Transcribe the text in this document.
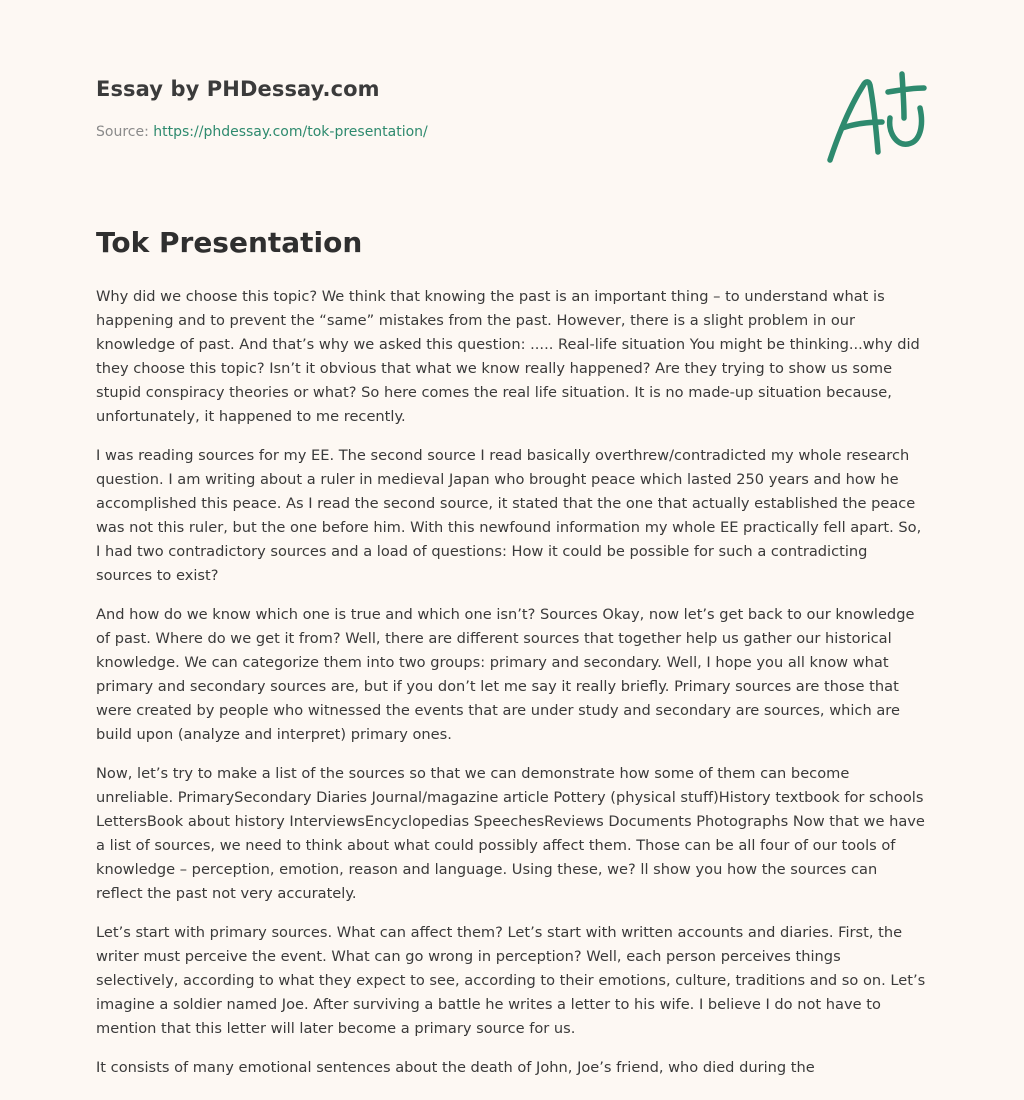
Essay by PHDessay.com
Source: https://phdessay.com/tok-presentation/
Tok Presentation

Why did we choose this topic? We think that knowing the past is an important thing – to understand what is happening and to prevent the “same” mistakes from the past. However, there is a slight problem in our knowledge of past. And that’s why we asked this question: ..... Real-life situation You might be thinking...why did they choose this topic? Isn’t it obvious that what we know really happened? Are they trying to show us some stupid conspiracy theories or what? So here comes the real life situation. It is no made-up situation because, unfortunately, it happened to me recently.

I was reading sources for my EE. The second source I read basically overthrew/contradicted my whole research question. I am writing about a ruler in medieval Japan who brought peace which lasted 250 years and how he accomplished this peace. As I read the second source, it stated that the one that actually established the peace was not this ruler, but the one before him. With this newfound information my whole EE practically fell apart. So, I had two contradictory sources and a load of questions: How it could be possible for such a contradicting sources to exist?

And how do we know which one is true and which one isn’t? Sources Okay, now let’s get back to our knowledge of past. Where do we get it from? Well, there are different sources that together help us gather our historical knowledge. We can categorize them into two groups: primary and secondary. Well, I hope you all know what primary and secondary sources are, but if you don’t let me say it really briefly. Primary sources are those that were created by people who witnessed the events that are under study and secondary are sources, which are build upon (analyze and interpret) primary ones.

Now, let’s try to make a list of the sources so that we can demonstrate how some of them can become unreliable. PrimarySecondary Diaries Journal/magazine article Pottery (physical stuff)History textbook for schools LettersBook about history InterviewsEncyclopedias SpeechesReviews Documents Photographs Now that we have a list of sources, we need to think about what could possibly affect them. Those can be all four of our tools of knowledge – perception, emotion, reason and language. Using these, we? ll show you how the sources can reflect the past not very accurately.

Let’s start with primary sources. What can affect them? Let’s start with written accounts and diaries. First, the writer must perceive the event. What can go wrong in perception? Well, each person perceives things selectively, according to what they expect to see, according to their emotions, culture, traditions and so on. Let’s imagine a soldier named Joe. After surviving a battle he writes a letter to his wife. I believe I do not have to mention that this letter will later become a primary source for us.

It consists of many emotional sentences about the death of John, Joe’s friend, who died during the
